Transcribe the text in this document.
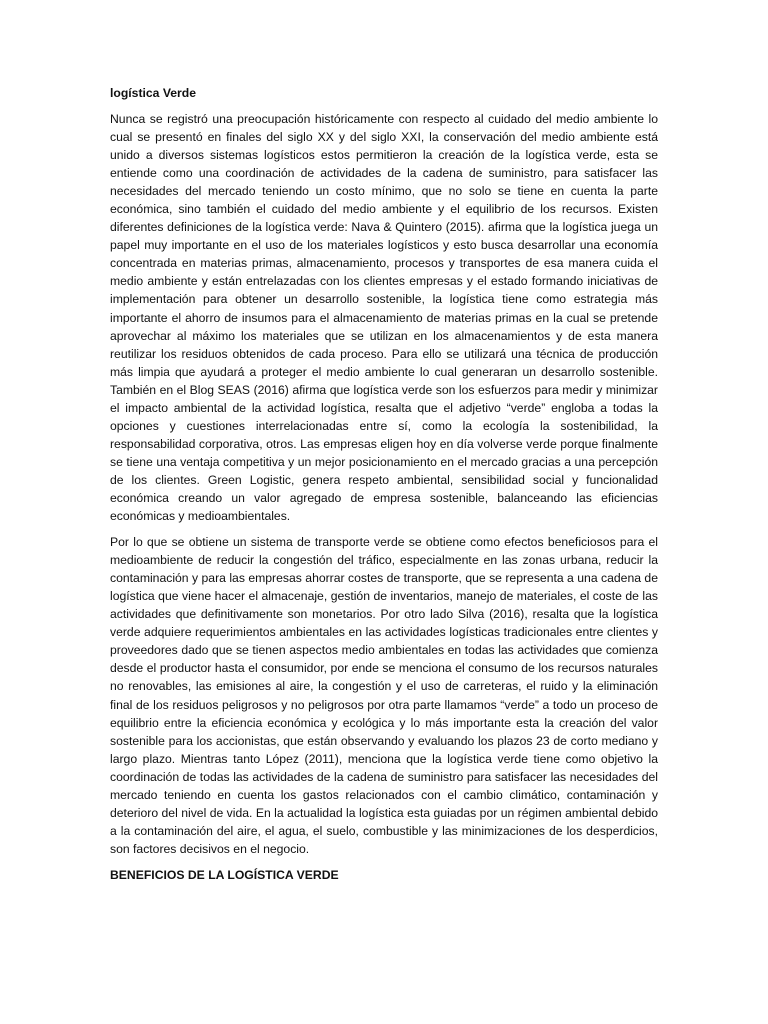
logística Verde

Nunca se registró una preocupación históricamente con respecto al cuidado del medio ambiente lo cual se presentó en finales del siglo XX y del siglo XXI, la conservación del medio ambiente está unido a diversos sistemas logísticos estos permitieron la creación de la logística verde, esta se entiende como una coordinación de actividades de la cadena de suministro, para satisfacer las necesidades del mercado teniendo un costo mínimo, que no solo se tiene en cuenta la parte económica, sino también el cuidado del medio ambiente y el equilibrio de los recursos. Existen diferentes definiciones de la logística verde: Nava & Quintero (2015). afirma que la logística juega un papel muy importante en el uso de los materiales logísticos y esto busca desarrollar una economía concentrada en materias primas, almacenamiento, procesos y transportes de esa manera cuida el medio ambiente y están entrelazadas con los clientes empresas y el estado formando iniciativas de implementación para obtener un desarrollo sostenible, la logística tiene como estrategia más importante el ahorro de insumos para el almacenamiento de materias primas en la cual se pretende aprovechar al máximo los materiales que se utilizan en los almacenamientos y de esta manera reutilizar los residuos obtenidos de cada proceso. Para ello se utilizará una técnica de producción más limpia que ayudará a proteger el medio ambiente lo cual generaran un desarrollo sostenible. También en el Blog SEAS (2016) afirma que logística verde son los esfuerzos para medir y minimizar el impacto ambiental de la actividad logística, resalta que el adjetivo “verde” engloba a todas la opciones y cuestiones interrelacionadas entre sí, como la ecología la sostenibilidad, la responsabilidad corporativa, otros. Las empresas eligen hoy en día volverse verde porque finalmente se tiene una ventaja competitiva y un mejor posicionamiento en el mercado gracias a una percepción de los clientes. Green Logistic, genera respeto ambiental, sensibilidad social y funcionalidad económica creando un valor agregado de empresa sostenible, balanceando las eficiencias económicas y medioambientales.

Por lo que se obtiene un sistema de transporte verde se obtiene como efectos beneficiosos para el medioambiente de reducir la congestión del tráfico, especialmente en las zonas urbana, reducir la contaminación y para las empresas ahorrar costes de transporte, que se representa a una cadena de logística que viene hacer el almacenaje, gestión de inventarios, manejo de materiales, el coste de las actividades que definitivamente son monetarios. Por otro lado Silva (2016), resalta que la logística verde adquiere requerimientos ambientales en las actividades logísticas tradicionales entre clientes y proveedores dado que se tienen aspectos medio ambientales en todas las actividades que comienza desde el productor hasta el consumidor, por ende se menciona el consumo de los recursos naturales no renovables, las emisiones al aire, la congestión y el uso de carreteras, el ruido y la eliminación final de los residuos peligrosos y no peligrosos por otra parte llamamos “verde” a todo un proceso de equilibrio entre la eficiencia económica y ecológica y lo más importante esta la creación del valor sostenible para los accionistas, que están observando y evaluando los plazos 23 de corto mediano y largo plazo. Mientras tanto López (2011), menciona que la logística verde tiene como objetivo la coordinación de todas las actividades de la cadena de suministro para satisfacer las necesidades del mercado teniendo en cuenta los gastos relacionados con el cambio climático, contaminación y deterioro del nivel de vida. En la actualidad la logística esta guiadas por un régimen ambiental debido a la contaminación del aire, el agua, el suelo, combustible y las minimizaciones de los desperdicios, son factores decisivos en el negocio.

BENEFICIOS DE LA LOGÍSTICA VERDE
